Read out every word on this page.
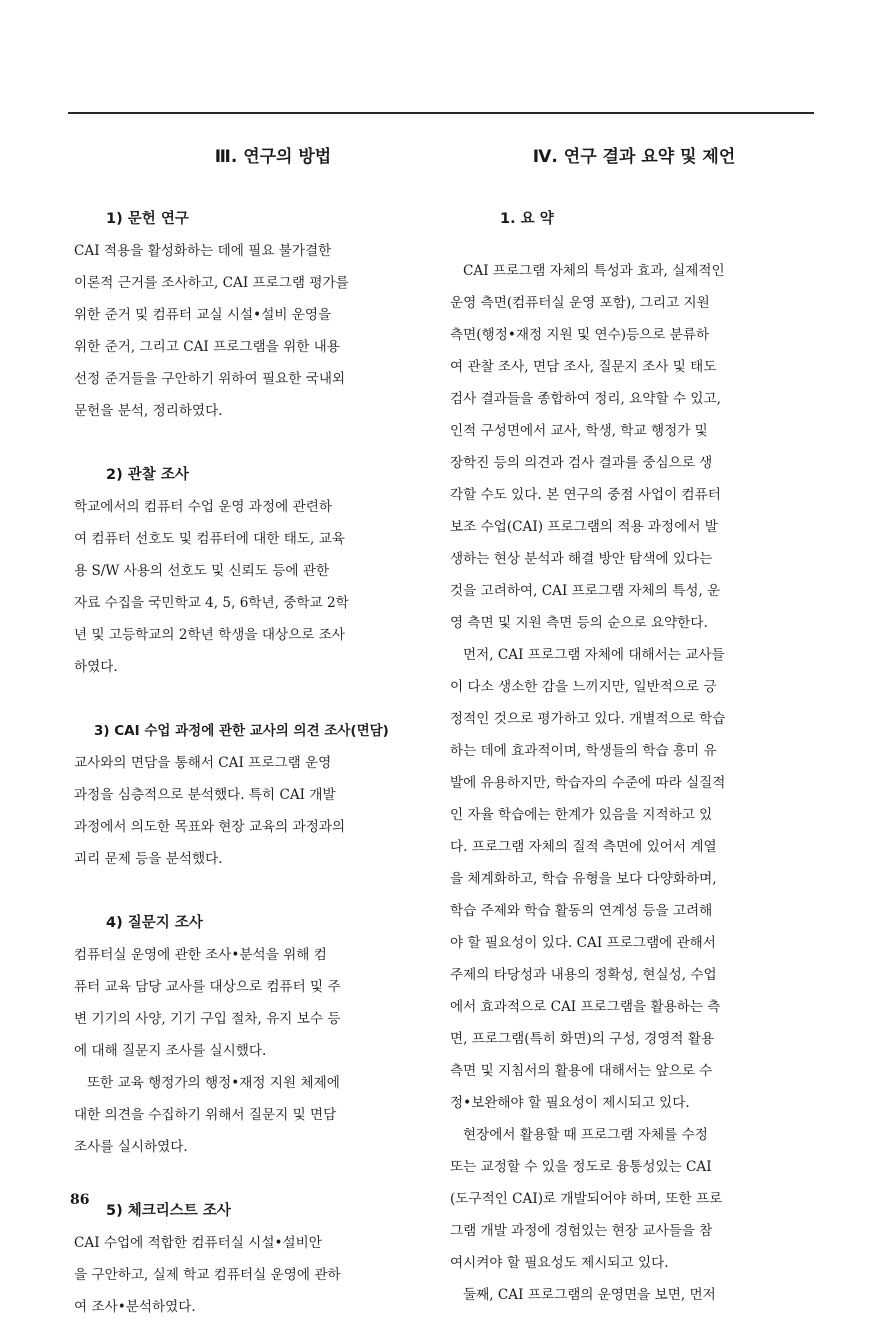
Ⅲ. 연구의 방법
1) 문헌 연구
CAI 적용을 활성화하는 데에 필요 불가결한
이론적 근거를 조사하고, CAI 프로그램 평가를
위한 준거 및 컴퓨터 교실 시설•설비 운영을
위한 준거, 그리고 CAI 프로그램을 위한 내용
선정 준거들을 구안하기 위하여 필요한 국내외
문헌을 분석, 정리하였다.
2) 관찰 조사
학교에서의 컴퓨터 수업 운영 과정에 관련하
여 컴퓨터 선호도 및 컴퓨터에 대한 태도, 교육
용 S/W 사용의 선호도 및 신뢰도 등에 관한
자료 수집을 국민학교 4, 5, 6학년, 중학교 2학
년 및 고등학교의 2학년 학생을 대상으로 조사
하였다.
3) CAI 수업 과정에 관한 교사의 의견 조사(면담)
교사와의 면담을 통해서 CAI 프로그램 운영
과정을 심층적으로 분석했다. 특히 CAI 개발
과정에서 의도한 목표와 현장 교육의 과정과의
괴리 문제 등을 분석했다.
4) 질문지 조사
컴퓨터실 운영에 관한 조사•분석을 위해 컴
퓨터 교육 담당 교사를 대상으로 컴퓨터 및 주
변 기기의 사양, 기기 구입 절차, 유지 보수 등
에 대해 질문지 조사를 실시했다.
또한 교육 행정가의 행정•재정 지원 체제에
대한 의견을 수집하기 위해서 질문지 및 면담
조사를 실시하였다.
5) 체크리스트 조사
CAI 수업에 적합한 컴퓨터실 시설•설비안
을 구안하고, 실제 학교 컴퓨터실 운영에 관하
여 조사•분석하였다.
Ⅳ. 연구 결과 요약 및 제언
1. 요 약
CAI 프로그램 자체의 특성과 효과, 실제적인
운영 측면(컴퓨터실 운영 포함), 그리고 지원
측면(행정•재정 지원 및 연수)등으로 분류하
여 관찰 조사, 면담 조사, 질문지 조사 및 태도
검사 결과들을 종합하여 정리, 요약할 수 있고,
인적 구성면에서 교사, 학생, 학교 행정가 및
장학진 등의 의견과 검사 결과를 중심으로 생
각할 수도 있다. 본 연구의 중점 사업이 컴퓨터
보조 수업(CAI) 프로그램의 적용 과정에서 발
생하는 현상 분석과 해결 방안 탐색에 있다는
것을 고려하여, CAI 프로그램 자체의 특성, 운
영 측면 및 지원 측면 등의 순으로 요약한다.
먼저, CAI 프로그램 자체에 대해서는 교사들
이 다소 생소한 감을 느끼지만, 일반적으로 긍
정적인 것으로 평가하고 있다. 개별적으로 학습
하는 데에 효과적이며, 학생들의 학습 흥미 유
발에 유용하지만, 학습자의 수준에 따라 실질적
인 자율 학습에는 한계가 있음을 지적하고 있
다. 프로그램 자체의 질적 측면에 있어서 계열
을 체계화하고, 학습 유형을 보다 다양화하며,
학습 주제와 학습 활동의 연계성 등을 고려해
야 할 필요성이 있다. CAI 프로그램에 관해서
주제의 타당성과 내용의 정확성, 현실성, 수업
에서 효과적으로 CAI 프로그램을 활용하는 측
면, 프로그램(특히 화면)의 구성, 경영적 활용
측면 및 지침서의 활용에 대해서는 앞으로 수
정•보완해야 할 필요성이 제시되고 있다.
현장에서 활용할 때 프로그램 자체를 수정
또는 교정할 수 있을 정도로 융통성있는 CAI
(도구적인 CAI)로 개발되어야 하며, 또한 프로
그램 개발 과정에 경험있는 현장 교사들을 참
여시켜야 할 필요성도 제시되고 있다.
둘째, CAI 프로그램의 운영면을 보면, 먼저
86
